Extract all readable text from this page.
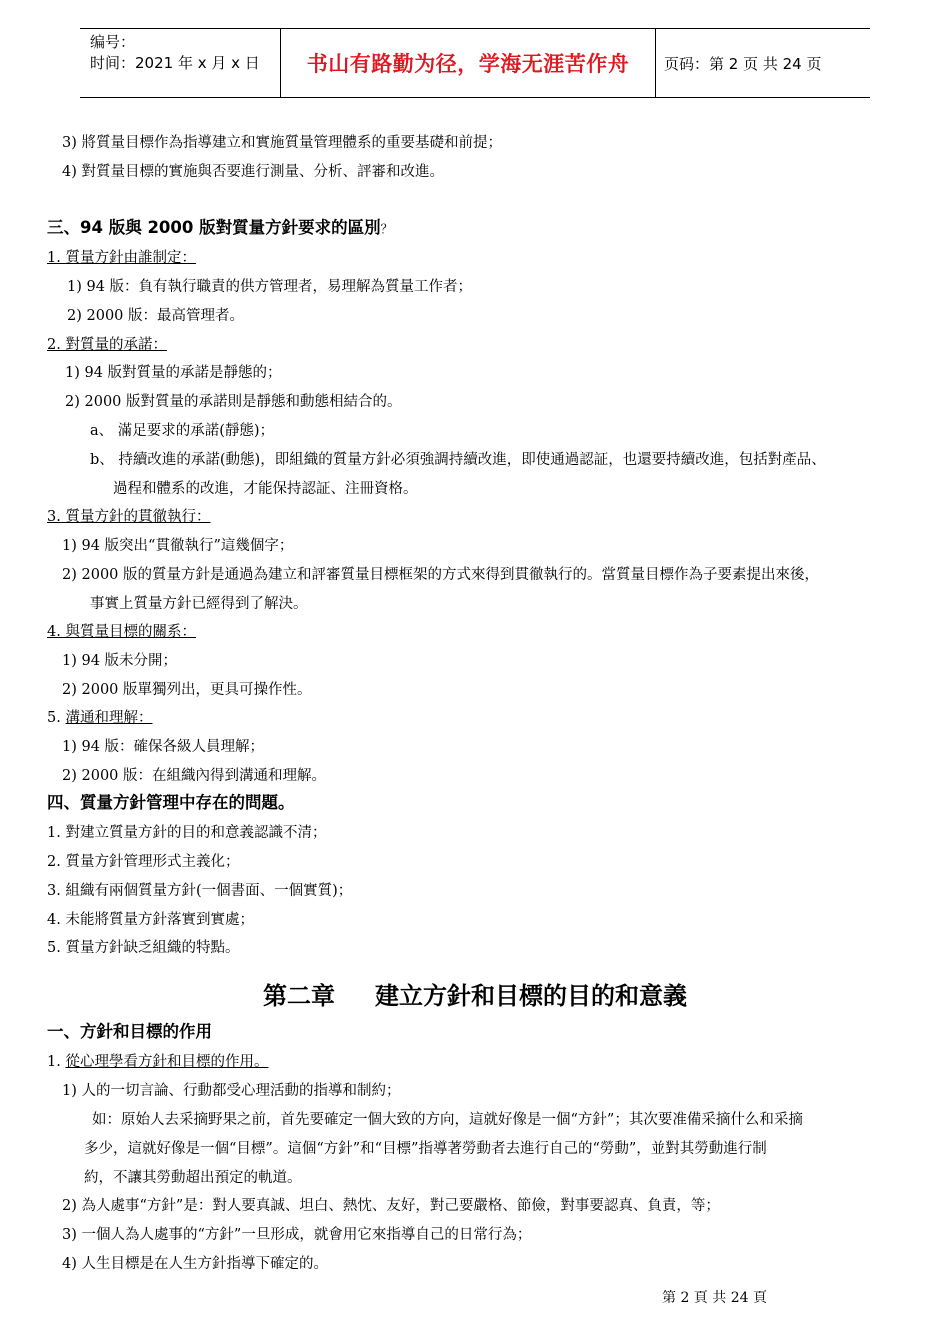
编号：
时间：2021 年 x 月 x 日	书山有路勤为径，学海无涯苦作舟 页码：第 2 页 共 24 页
3) 將質量目標作為指導建立和實施質量管理體系的重要基礎和前提；
4) 對質量目標的實施與否要進行測量、分析、評審和改進。
三、94 版與 2000 版對質量方針要求的區別？
1. 質量方針由誰制定：
1) 94 版：負有執行職責的供方管理者，易理解為質量工作者；
2) 2000 版：最高管理者。
2. 對質量的承諾：
1) 94 版對質量的承諾是靜態的；
2) 2000 版對質量的承諾則是靜態和動態相結合的。
a、 滿足要求的承諾(靜態)；
b、 持續改進的承諾(動態)，即組織的質量方針必須強調持續改進，即使通過認証，也還要持續改進，包括對產品、
過程和體系的改進，才能保持認証、注冊資格。
3. 質量方針的貫徹執行：
1) 94 版突出“貫徹執行”這幾個字；
2) 2000 版的質量方針是通過為建立和評審質量目標框架的方式來得到貫徹執行的。當質量目標作為子要素提出來後，
事實上質量方針已經得到了解決。
4. 與質量目標的關系：
1) 94 版未分開；
2) 2000 版單獨列出，更具可操作性。
5. 溝通和理解：
1) 94 版：確保各級人員理解；
2) 2000 版：在組織內得到溝通和理解。
四、質量方針管理中存在的問題。
1. 對建立質量方針的目的和意義認識不清；
2. 質量方針管理形式主義化；
3. 組織有兩個質量方針(一個書面、一個實質)；
4. 未能將質量方針落實到實處；
5. 質量方針缺乏組織的特點。
第二章 建立方針和目標的目的和意義
一、方針和目標的作用
1. 從心理學看方針和目標的作用。
1) 人的一切言論、行動都受心理活動的指導和制約；
如：原始人去采摘野果之前，首先要確定一個大致的方向，這就好像是一個“方針”；其次要准備采摘什么和采摘
多少，這就好像是一個“目標”。這個“方針”和“目標”指導著勞動者去進行自己的“勞動”，並對其勞動進行制
約，不讓其勞動超出預定的軌道。
2) 為人處事“方針”是：對人要真誠、坦白、熱忱、友好，對己要嚴格、節儉，對事要認真、負責，等；
3) 一個人為人處事的“方針”一旦形成，就會用它來指導自己的日常行為；
4) 人生目標是在人生方針指導下確定的。
第 2 頁 共 24 頁
